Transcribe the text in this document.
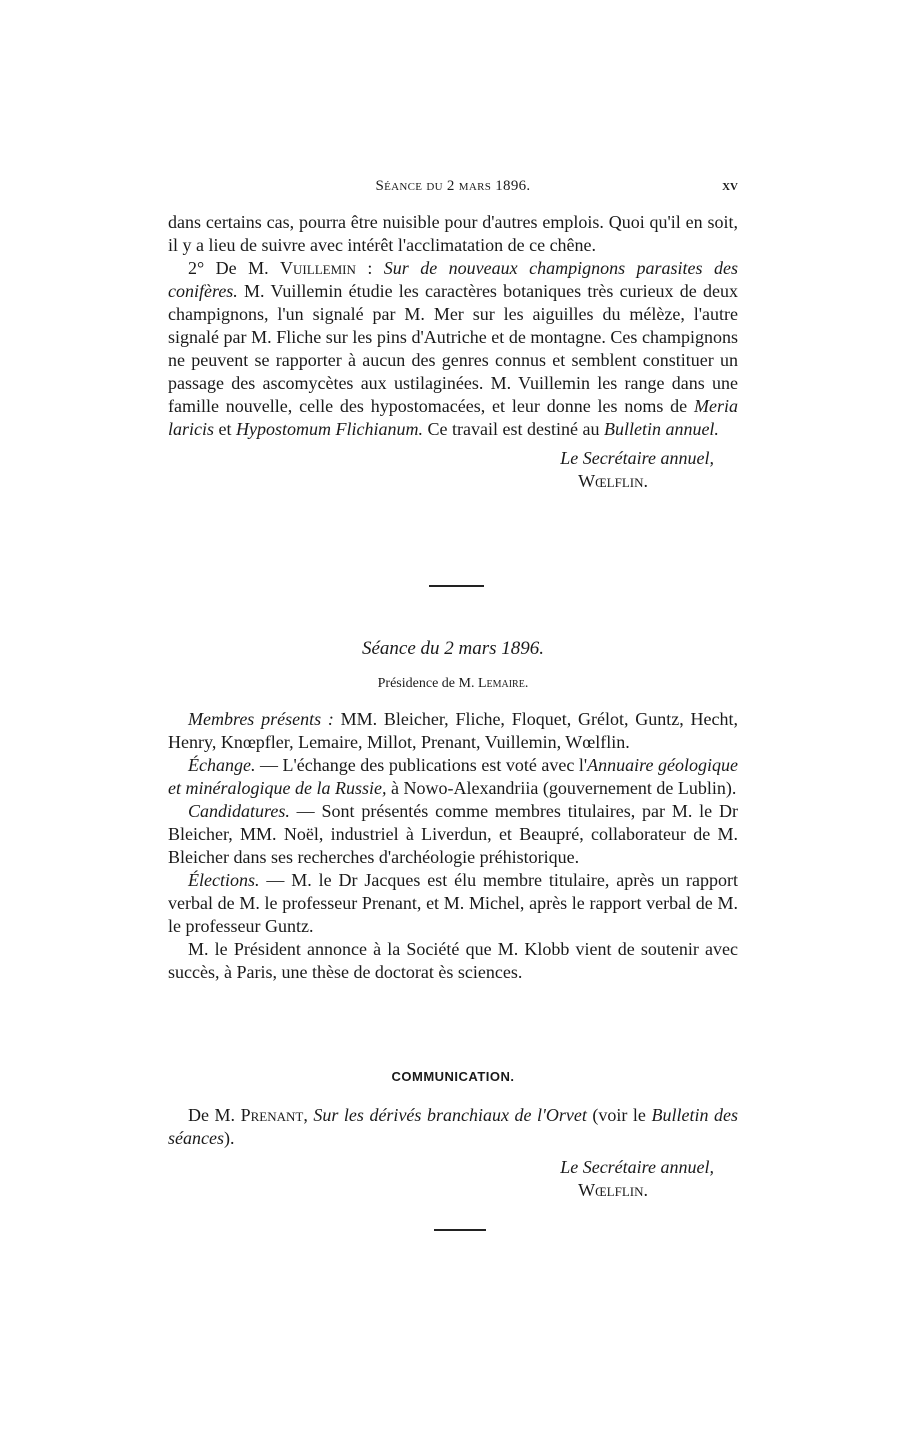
Séance du 2 mars 1896.	xv

dans certains cas, pourra être nuisible pour d'autres emplois. Quoi qu'il en soit, il y a lieu de suivre avec intérêt l'acclimatation de ce chêne.

2° De M. Vuillemin : Sur de nouveaux champignons parasites des conifères. M. Vuillemin étudie les caractères botaniques très curieux de deux champignons, l'un signalé par M. Mer sur les aiguilles du mélèze, l'autre signalé par M. Fliche sur les pins d'Autriche et de montagne. Ces champignons ne peuvent se rapporter à aucun des genres connus et semblent constituer un passage des ascomycètes aux ustilaginées. M. Vuillemin les range dans une famille nouvelle, celle des hypostomacées, et leur donne les noms de Meria laricis et Hypostomum Flichianum. Ce travail est destiné au Bulletin annuel.

Le Secrétaire annuel,
Wœlflin.
Séance du 2 mars 1896.
Présidence de M. Lemaire.

Membres présents : MM. Bleicher, Fliche, Floquet, Grélot, Guntz, Hecht, Henry, Knœpfler, Lemaire, Millot, Prenant, Vuillemin, Wœlflin.

Échange. — L'échange des publications est voté avec l'Annuaire géologique et minéralogique de la Russie, à Nowo-Alexandriia (gouvernement de Lublin).

Candidatures. — Sont présentés comme membres titulaires, par M. le Dr Bleicher, MM. Noël, industriel à Liverdun, et Beaupré, collaborateur de M. Bleicher dans ses recherches d'archéologie préhistorique.

Élections. — M. le Dr Jacques est élu membre titulaire, après un rapport verbal de M. le professeur Prenant, et M. Michel, après le rapport verbal de M. le professeur Guntz.

M. le Président annonce à la Société que M. Klobb vient de soutenir avec succès, à Paris, une thèse de doctorat ès sciences.

COMMUNICATION.

De M. Prenant, Sur les dérivés branchiaux de l'Orvet (voir le Bulletin des séances).

Le Secrétaire annuel,
Wœlflin.
